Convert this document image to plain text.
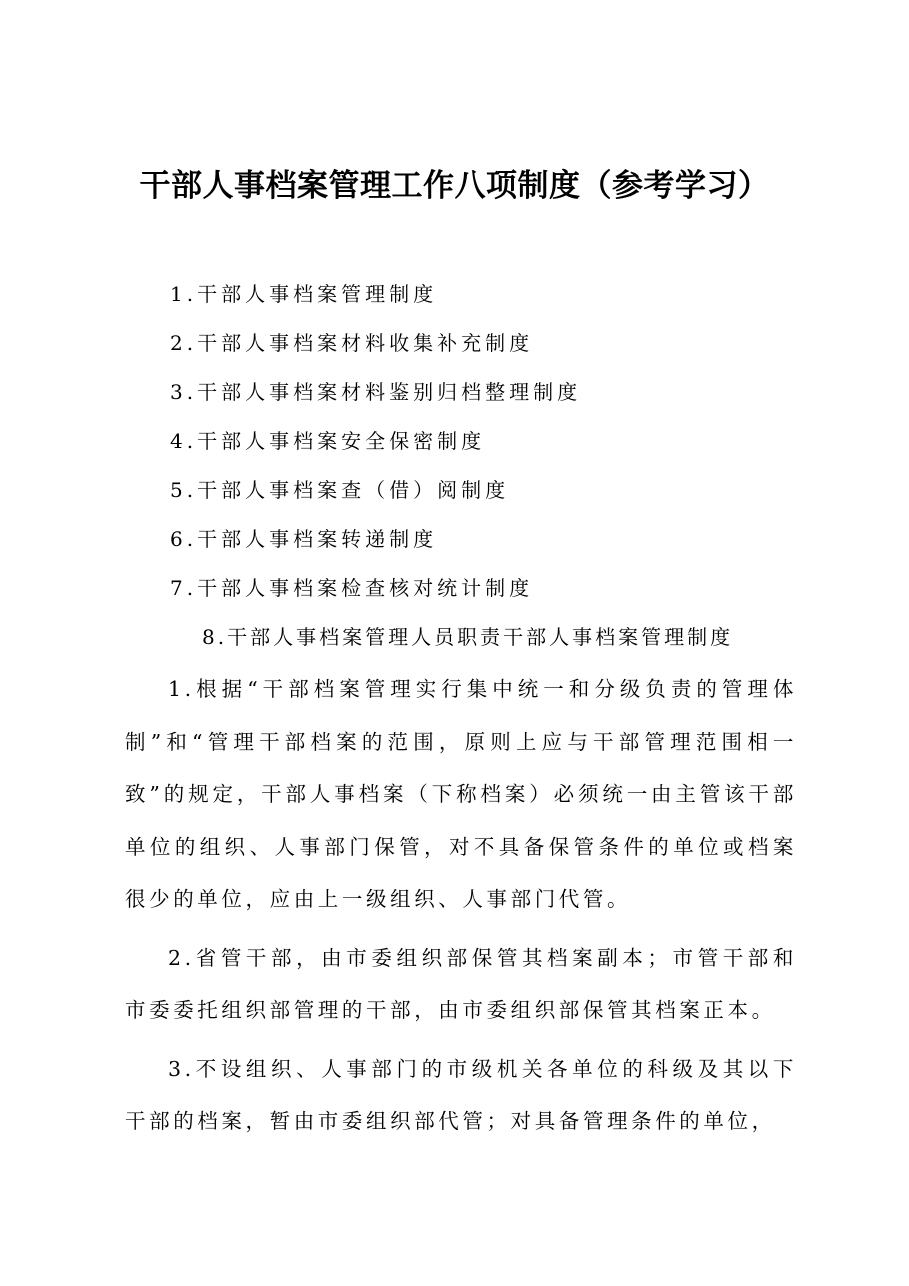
干部人事档案管理工作八项制度（参考学习）
1.干部人事档案管理制度
2.干部人事档案材料收集补充制度
3.干部人事档案材料鉴别归档整理制度
4.干部人事档案安全保密制度
5.干部人事档案查（借）阅制度
6.干部人事档案转递制度
7.干部人事档案检查核对统计制度
8.干部人事档案管理人员职责干部人事档案管理制度

1.根据“干部档案管理实行集中统一和分级负责的管理体制”和“管理干部档案的范围，原则上应与干部管理范围相一致”的规定，干部人事档案（下称档案）必须统一由主管该干部单位的组织、人事部门保管，对不具备保管条件的单位或档案很少的单位，应由上一级组织、人事部门代管。

2.省管干部，由市委组织部保管其档案副本；市管干部和市委委托组织部管理的干部，由市委组织部保管其档案正本。

3.不设组织、人事部门的市级机关各单位的科级及其以下干部的档案，暂由市委组织部代管；对具备管理条件的单位，
